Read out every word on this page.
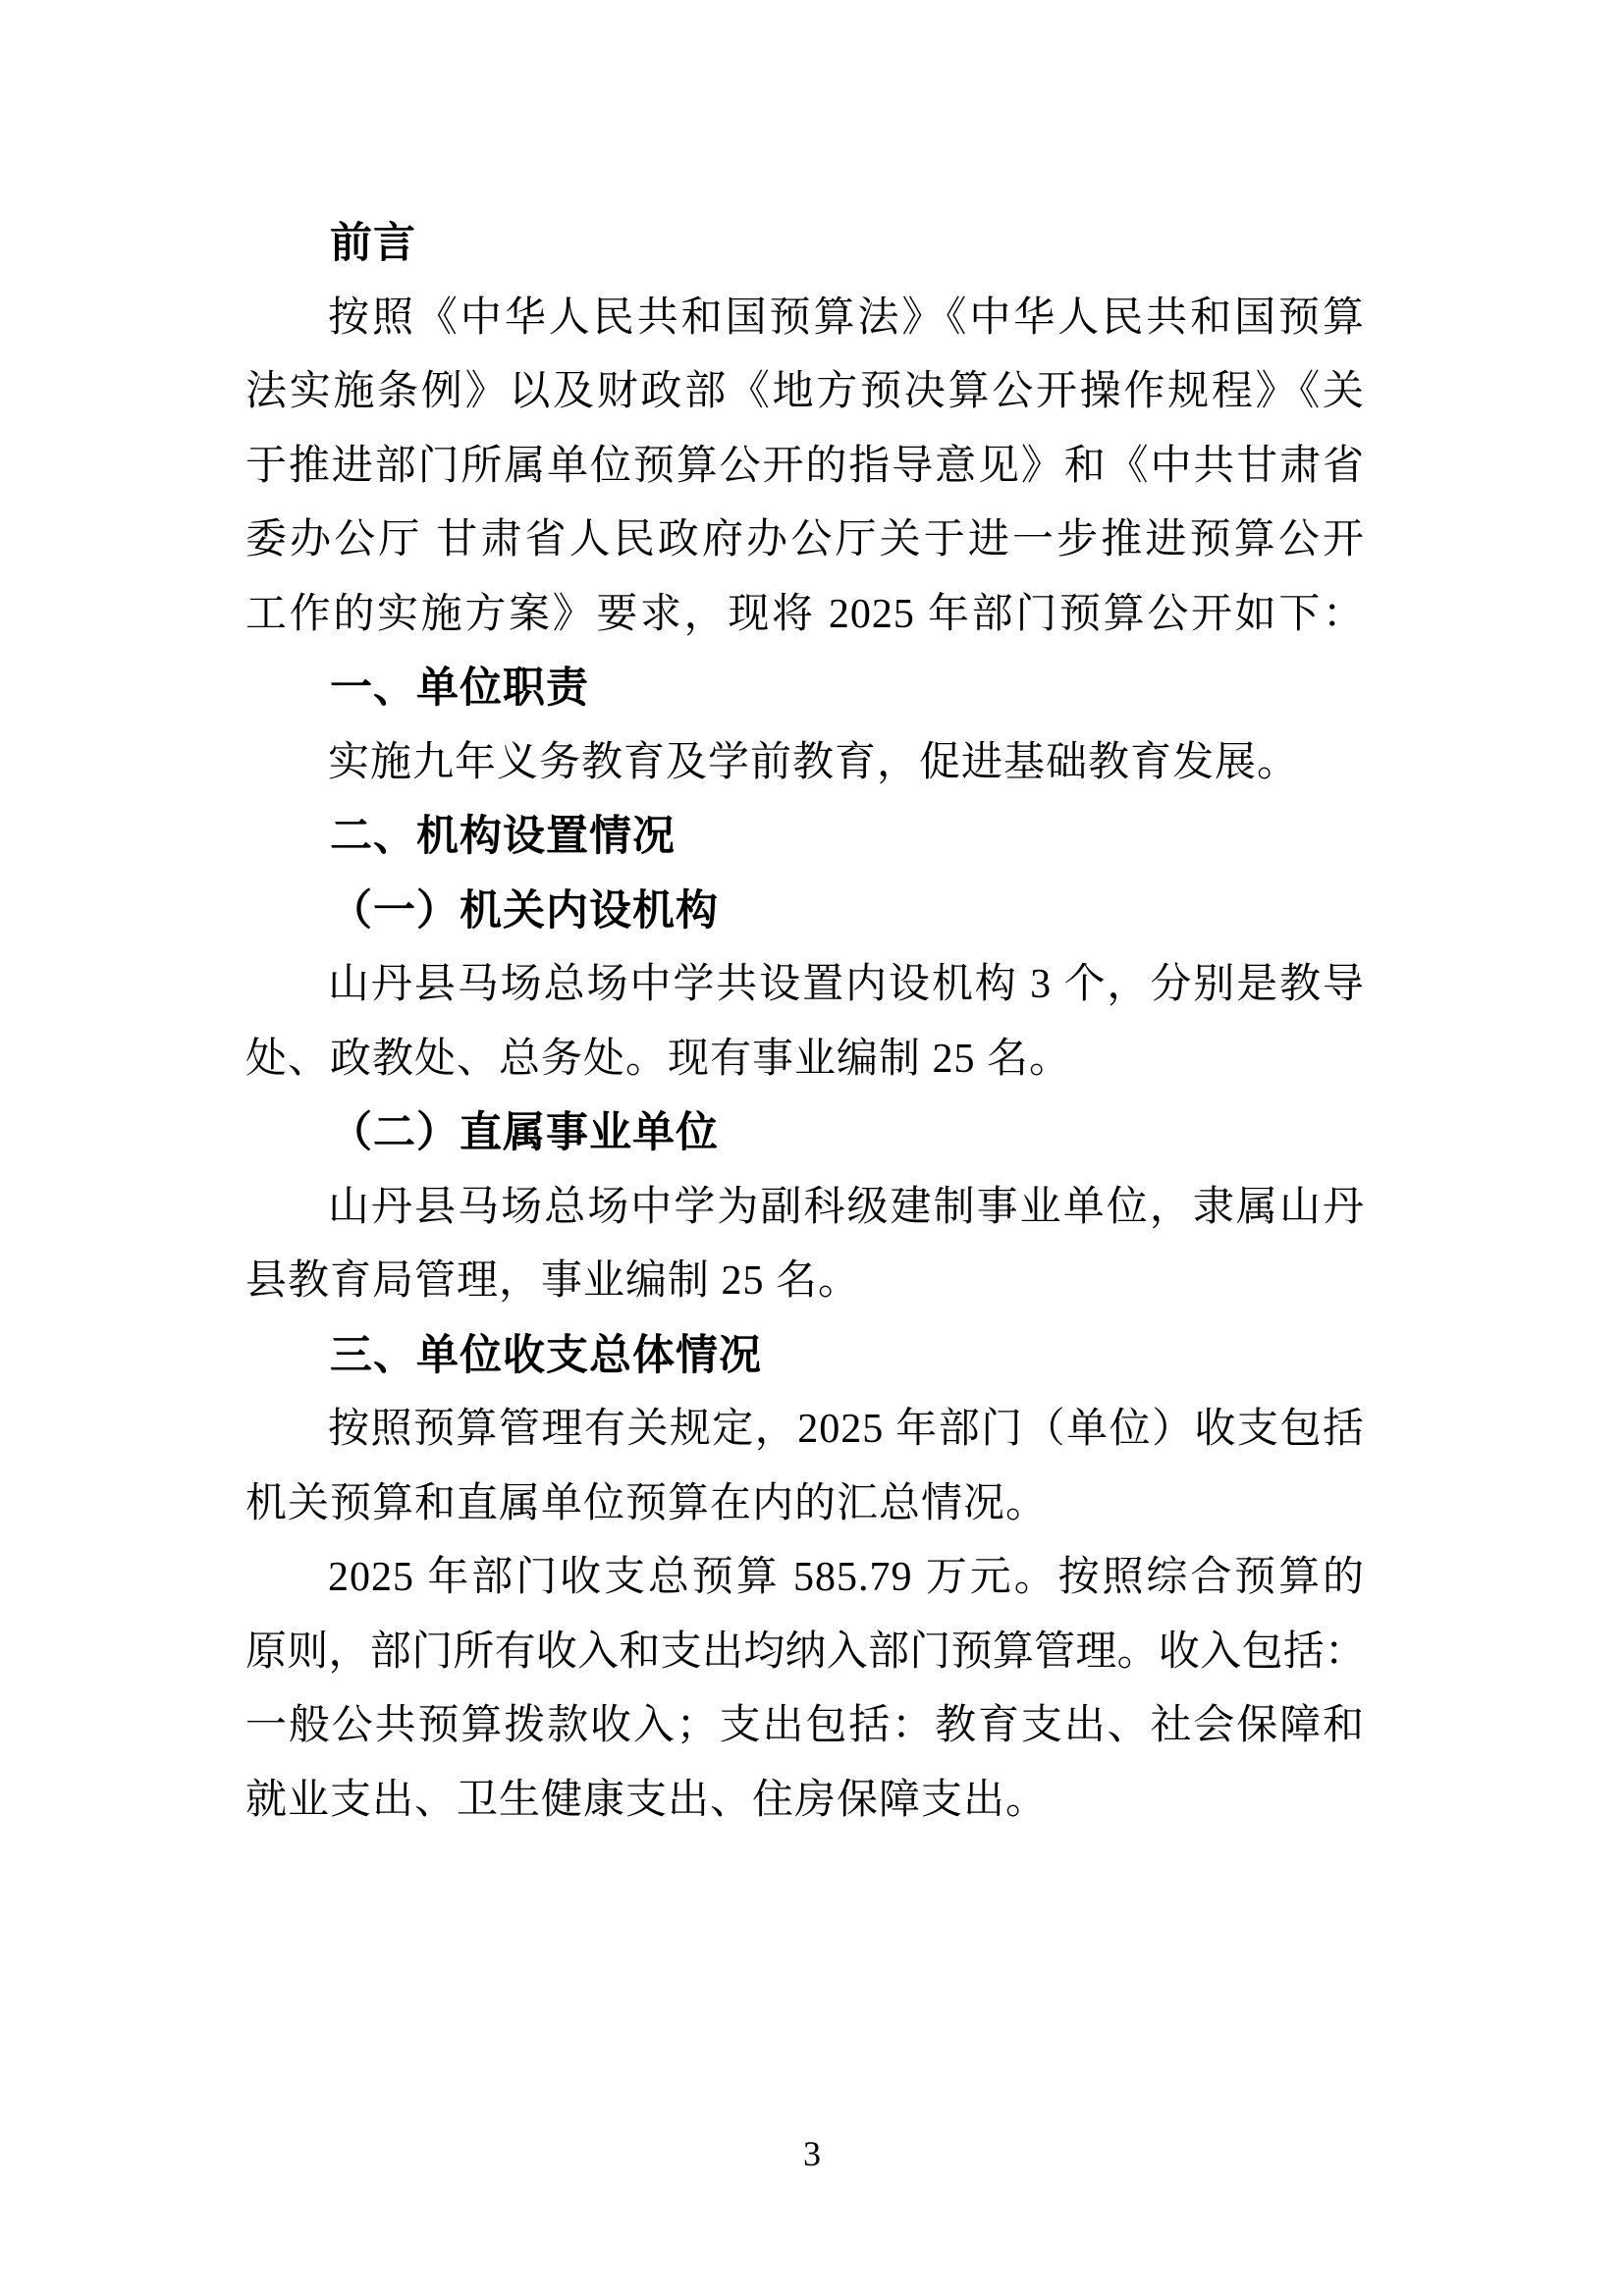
前言
按照《中华人民共和国预算法》《中华人民共和国预算
法实施条例》以及财政部《地方预决算公开操作规程》《关
于推进部门所属单位预算公开的指导意见》和《中共甘肃省
委办公厅 甘肃省人民政府办公厅关于进一步推进预算公开
工作的实施方案》要求，现将 2025 年部门预算公开如下：
一、单位职责
实施九年义务教育及学前教育，促进基础教育发展。
二、机构设置情况
（一）机关内设机构
山丹县马场总场中学共设置内设机构 3 个，分别是教导
处、政教处、总务处。现有事业编制 25 名。
（二）直属事业单位
山丹县马场总场中学为副科级建制事业单位，隶属山丹
县教育局管理，事业编制 25 名。
三、单位收支总体情况
按照预算管理有关规定，2025 年部门（单位）收支包括
机关预算和直属单位预算在内的汇总情况。
2025 年部门收支总预算 585.79 万元。按照综合预算的
原则，部门所有收入和支出均纳入部门预算管理。收入包括：
一般公共预算拨款收入；支出包括：教育支出、社会保障和
就业支出、卫生健康支出、住房保障支出。
3
